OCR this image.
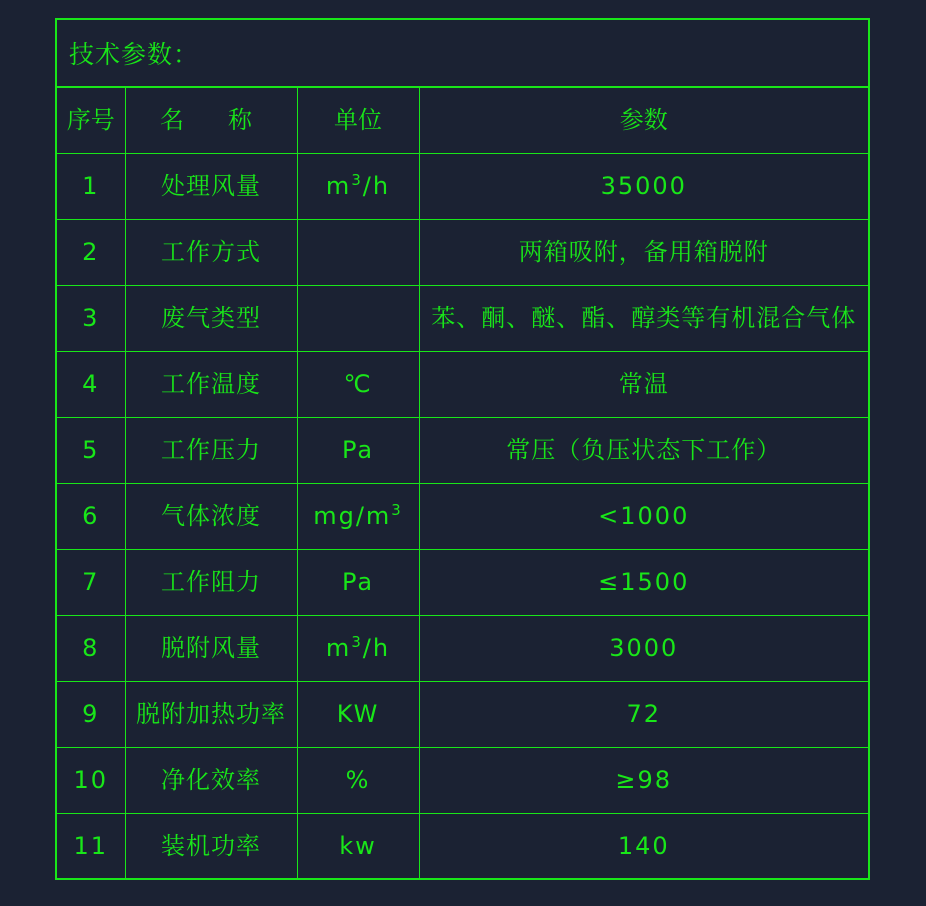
技术参数：
序号	名　称	单位	参数
1	处理风量	$m^3/h$	35000
2	工作方式		两箱吸附，备用箱脱附
3	废气类型		苯、酮、醚、酯、醇类等有机混合气体
4	工作温度	℃	常温
5	工作压力	Pa	常压（负压状态下工作）
6	气体浓度	$mg/m^3$	<1000
7	工作阻力	Pa	≤1500
8	脱附风量	$m^3/h$	3000
9	脱附加热功率	KW	72
10	净化效率	%	≥98
11	装机功率	kw	140
